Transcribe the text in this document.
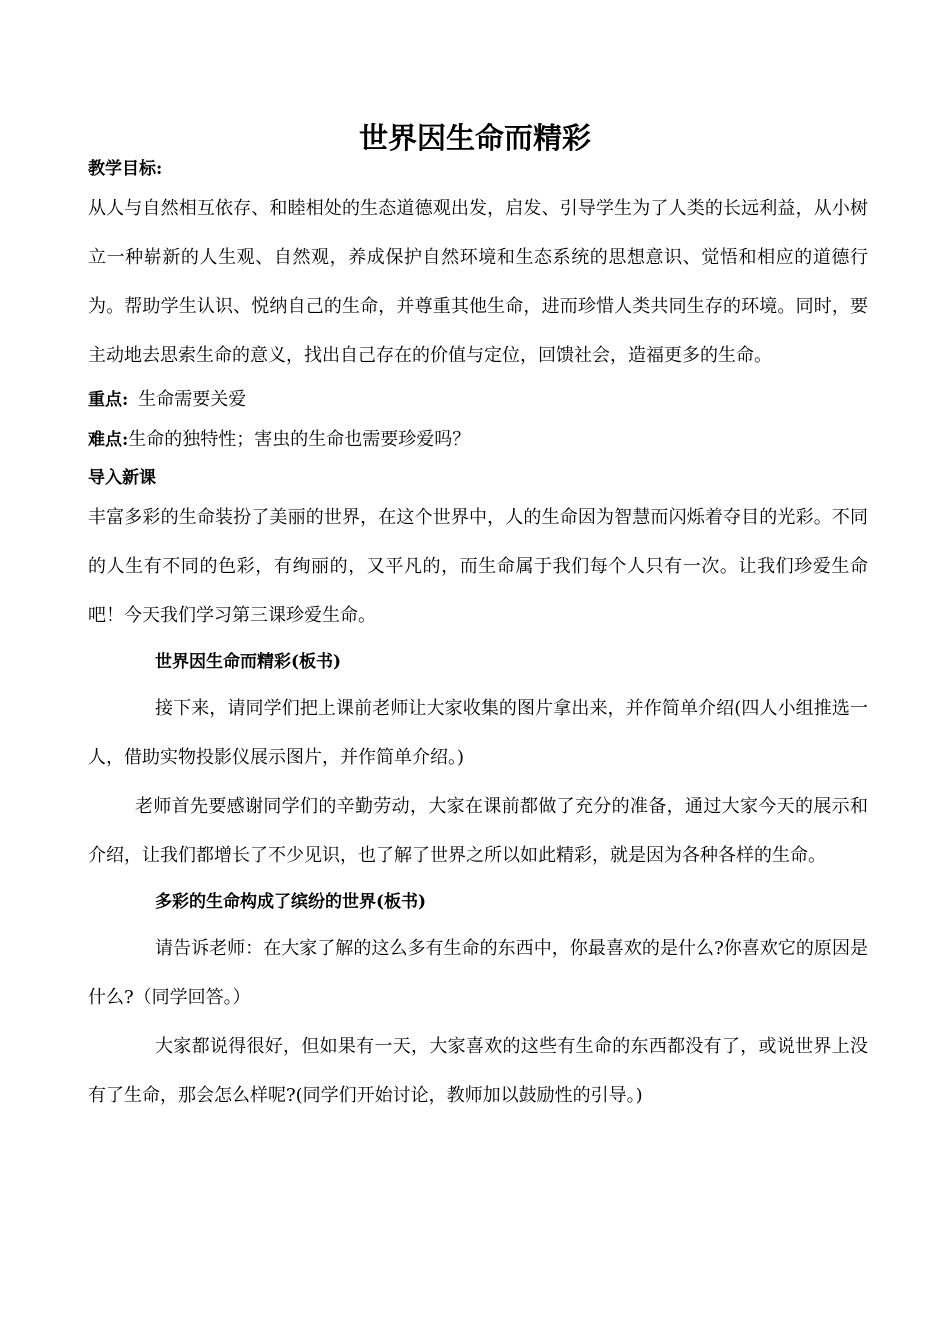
世界因生命而精彩

教学目标:

从人与自然相互依存、和睦相处的生态道德观出发，启发、引导学生为了人类的长远利益，从小树立一种崭新的人生观、自然观，养成保护自然环境和生态系统的思想意识、觉悟和相应的道德行为。帮助学生认识、悦纳自己的生命，并尊重其他生命，进而珍惜人类共同生存的环境。同时，要主动地去思索生命的意义，找出自己存在的价值与定位，回馈社会，造福更多的生命。

重点: 生命需要关爱
难点:生命的独特性；害虫的生命也需要珍爱吗？

导入新课

丰富多彩的生命装扮了美丽的世界，在这个世界中，人的生命因为智慧而闪烁着夺目的光彩。不同的人生有不同的色彩，有绚丽的，又平凡的，而生命属于我们每个人只有一次。让我们珍爱生命吧！今天我们学习第三课珍爱生命。

世界因生命而精彩(板书)

接下来，请同学们把上课前老师让大家收集的图片拿出来，并作简单介绍(四人小组推选一人，借助实物投影仪展示图片，并作简单介绍。)

老师首先要感谢同学们的辛勤劳动，大家在课前都做了充分的准备，通过大家今天的展示和介绍，让我们都增长了不少见识，也了解了世界之所以如此精彩，就是因为各种各样的生命。

多彩的生命构成了缤纷的世界(板书)

请告诉老师：在大家了解的这么多有生命的东西中，你最喜欢的是什么?你喜欢它的原因是什么?（同学回答。）

大家都说得很好，但如果有一天，大家喜欢的这些有生命的东西都没有了，或说世界上没有了生命，那会怎么样呢?(同学们开始讨论，教师加以鼓励性的引导。)
